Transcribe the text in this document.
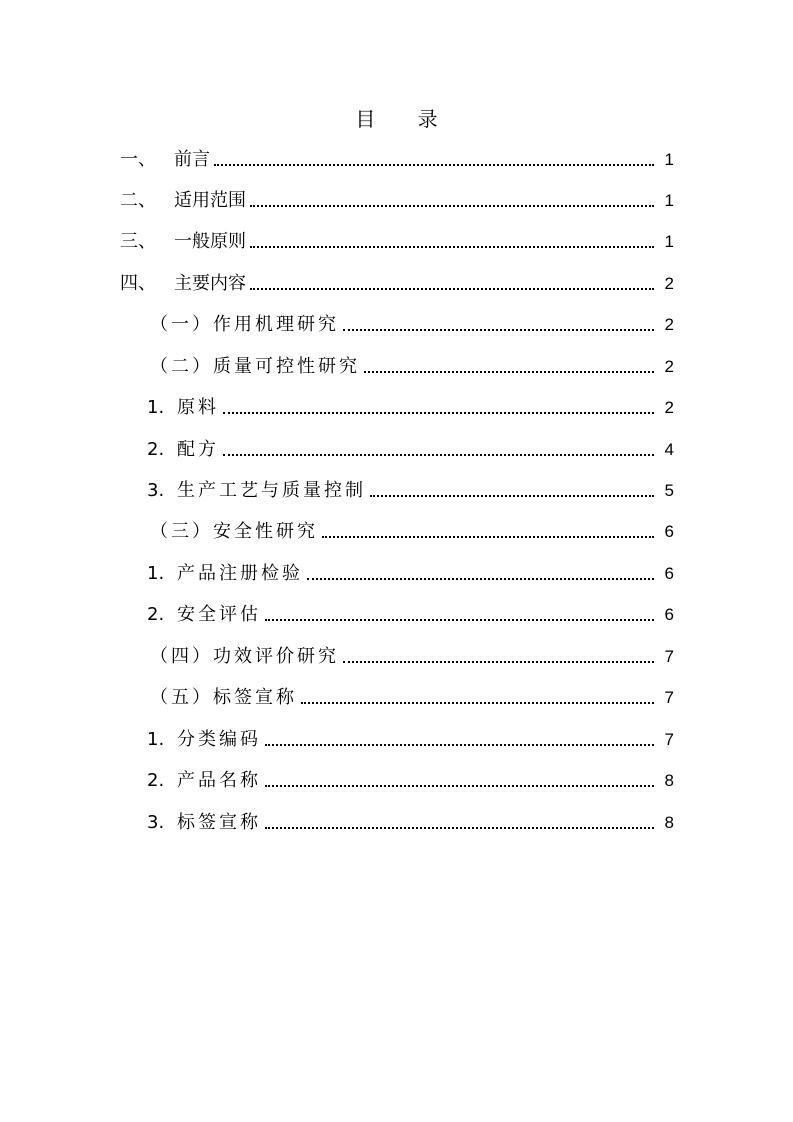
目 录
一、	前言	1
二、	适用范围	1
三、	一般原则	1
四、	主要内容	2
（一）作用机理研究	2
（二）质量可控性研究	2
1. 原料	2
2. 配方	4
3. 生产工艺与质量控制	5
（三）安全性研究	6
1. 产品注册检验	6
2. 安全评估	6
（四）功效评价研究	7
（五）标签宣称	7
1. 分类编码	7
2. 产品名称	8
3. 标签宣称	8
